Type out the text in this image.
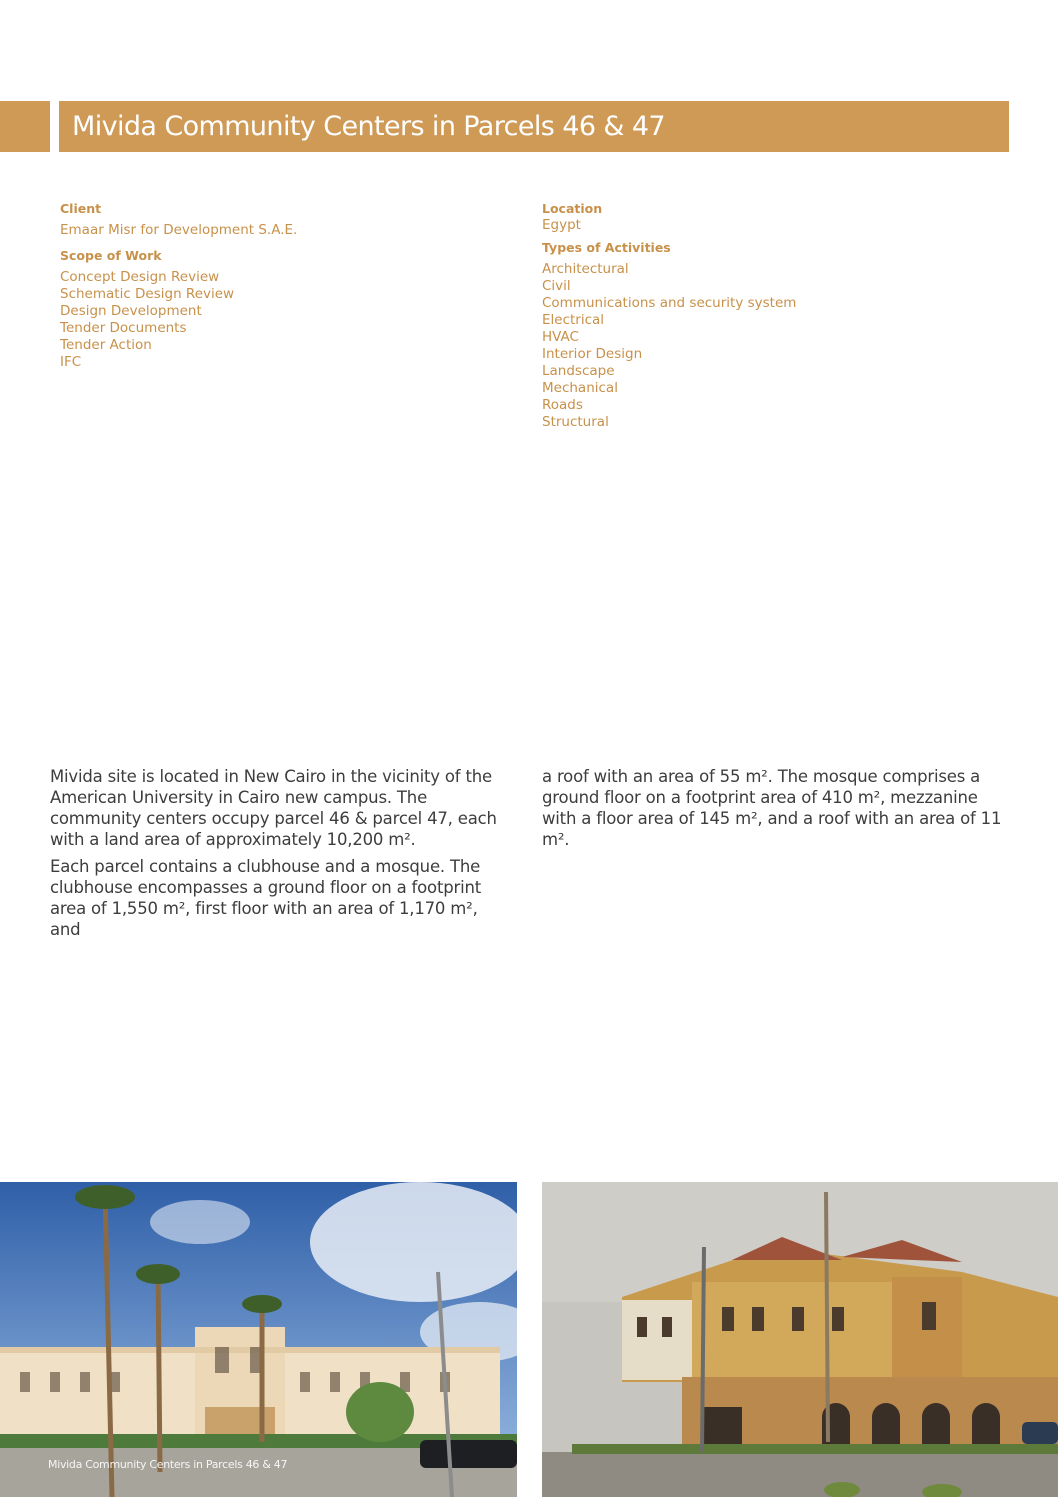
Mivida Community Centers in Parcels 46 & 47
Client
Emaar Misr for Development S.A.E.
Scope of Work
Concept Design Review
Schematic Design Review
Design Development
Tender Documents
Tender Action
IFC
Location
Egypt
Types of Activities
Architectural
Civil
Communications and security system
Electrical
HVAC
Interior Design
Landscape
Mechanical
Roads
Structural

Mivida site is located in New Cairo in the vicinity of the American University in Cairo new campus. The community centers occupy parcel 46 & parcel 47, each with a land area of approximately 10,200 m².

Each parcel contains a clubhouse and a mosque. The clubhouse encompasses a ground floor on a footprint area of 1,550 m², first floor with an area of 1,170 m², and

a roof with an area of 55 m². The mosque comprises a ground floor on a footprint area of 410 m², mezzanine with a floor area of 145 m², and a roof with an area of 11 m².

Mivida Community Centers in Parcels 46 & 47
